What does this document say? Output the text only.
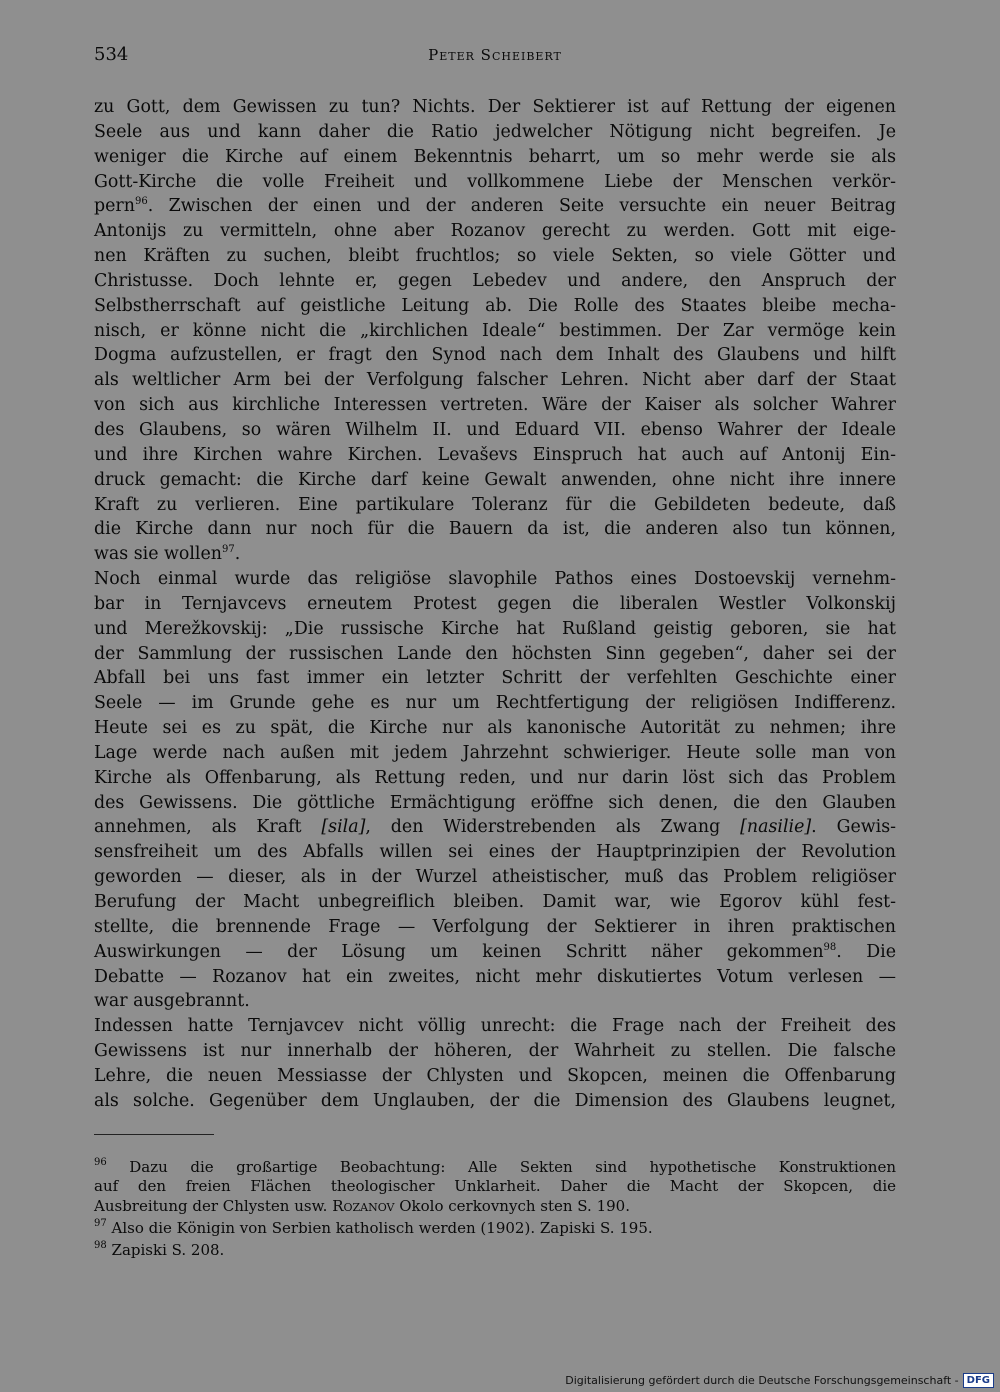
534	Peter Scheibert
zu Gott, dem Gewissen zu tun? Nichts. Der Sektierer ist auf Rettung der eigenen
Seele aus und kann daher die Ratio jedwelcher Nötigung nicht begreifen. Je
weniger die Kirche auf einem Bekenntnis beharrt, um so mehr werde sie als
Gott-Kirche die volle Freiheit und vollkommene Liebe der Menschen verkör-
pern$^{96}$. Zwischen der einen und der anderen Seite versuchte ein neuer Beitrag
Antonijs zu vermitteln, ohne aber Rozanov gerecht zu werden. Gott mit eige-
nen Kräften zu suchen, bleibt fruchtlos; so viele Sekten, so viele Götter und
Christusse. Doch lehnte er, gegen Lebedev und andere, den Anspruch der
Selbstherrschaft auf geistliche Leitung ab. Die Rolle des Staates bleibe mecha-
nisch, er könne nicht die „kirchlichen Ideale“ bestimmen. Der Zar vermöge kein
Dogma aufzustellen, er fragt den Synod nach dem Inhalt des Glaubens und hilft
als weltlicher Arm bei der Verfolgung falscher Lehren. Nicht aber darf der Staat
von sich aus kirchliche Interessen vertreten. Wäre der Kaiser als solcher Wahrer
des Glaubens, so wären Wilhelm II. und Eduard VII. ebenso Wahrer der Ideale
und ihre Kirchen wahre Kirchen. Levaševs Einspruch hat auch auf Antonij Ein-
druck gemacht: die Kirche darf keine Gewalt anwenden, ohne nicht ihre innere
Kraft zu verlieren. Eine partikulare Toleranz für die Gebildeten bedeute, daß
die Kirche dann nur noch für die Bauern da ist, die anderen also tun können,
was sie wollen$^{97}$.
Noch einmal wurde das religiöse slavophile Pathos eines Dostoevskij vernehm-
bar in Ternjavcevs erneutem Protest gegen die liberalen Westler Volkonskij
und Merežkovskij: „Die russische Kirche hat Rußland geistig geboren, sie hat
der Sammlung der russischen Lande den höchsten Sinn gegeben“, daher sei der
Abfall bei uns fast immer ein letzter Schritt der verfehlten Geschichte einer
Seele — im Grunde gehe es nur um Rechtfertigung der religiösen Indifferenz.
Heute sei es zu spät, die Kirche nur als kanonische Autorität zu nehmen; ihre
Lage werde nach außen mit jedem Jahrzehnt schwieriger. Heute solle man von
Kirche als Offenbarung, als Rettung reden, und nur darin löst sich das Problem
des Gewissens. Die göttliche Ermächtigung eröffne sich denen, die den Glauben
annehmen, als Kraft [sila], den Widerstrebenden als Zwang [nasilie]. Gewis-
sensfreiheit um des Abfalls willen sei eines der Hauptprinzipien der Revolution
geworden — dieser, als in der Wurzel atheistischer, muß das Problem religiöser
Berufung der Macht unbegreiflich bleiben. Damit war, wie Egorov kühl fest-
stellte, die brennende Frage — Verfolgung der Sektierer in ihren praktischen
Auswirkungen — der Lösung um keinen Schritt näher gekommen$^{98}$. Die
Debatte — Rozanov hat ein zweites, nicht mehr diskutiertes Votum verlesen —
war ausgebrannt.
Indessen hatte Ternjavcev nicht völlig unrecht: die Frage nach der Freiheit des
Gewissens ist nur innerhalb der höheren, der Wahrheit zu stellen. Die falsche
Lehre, die neuen Messiasse der Chlysten und Skopcen, meinen die Offenbarung
als solche. Gegenüber dem Unglauben, der die Dimension des Glaubens leugnet,
$^{96}$ Dazu die großartige Beobachtung: Alle Sekten sind hypothetische Konstruktionen
auf den freien Flächen theologischer Unklarheit. Daher die Macht der Skopcen, die
Ausbreitung der Chlysten usw. Rozanov Okolo cerkovnych sten S. 190.
$^{97}$ Also die Königin von Serbien katholisch werden (1902). Zapiski S. 195.
$^{98}$ Zapiski S. 208.
Digitalisierung gefördert durch die Deutsche Forschungsgemeinschaft - DFG
